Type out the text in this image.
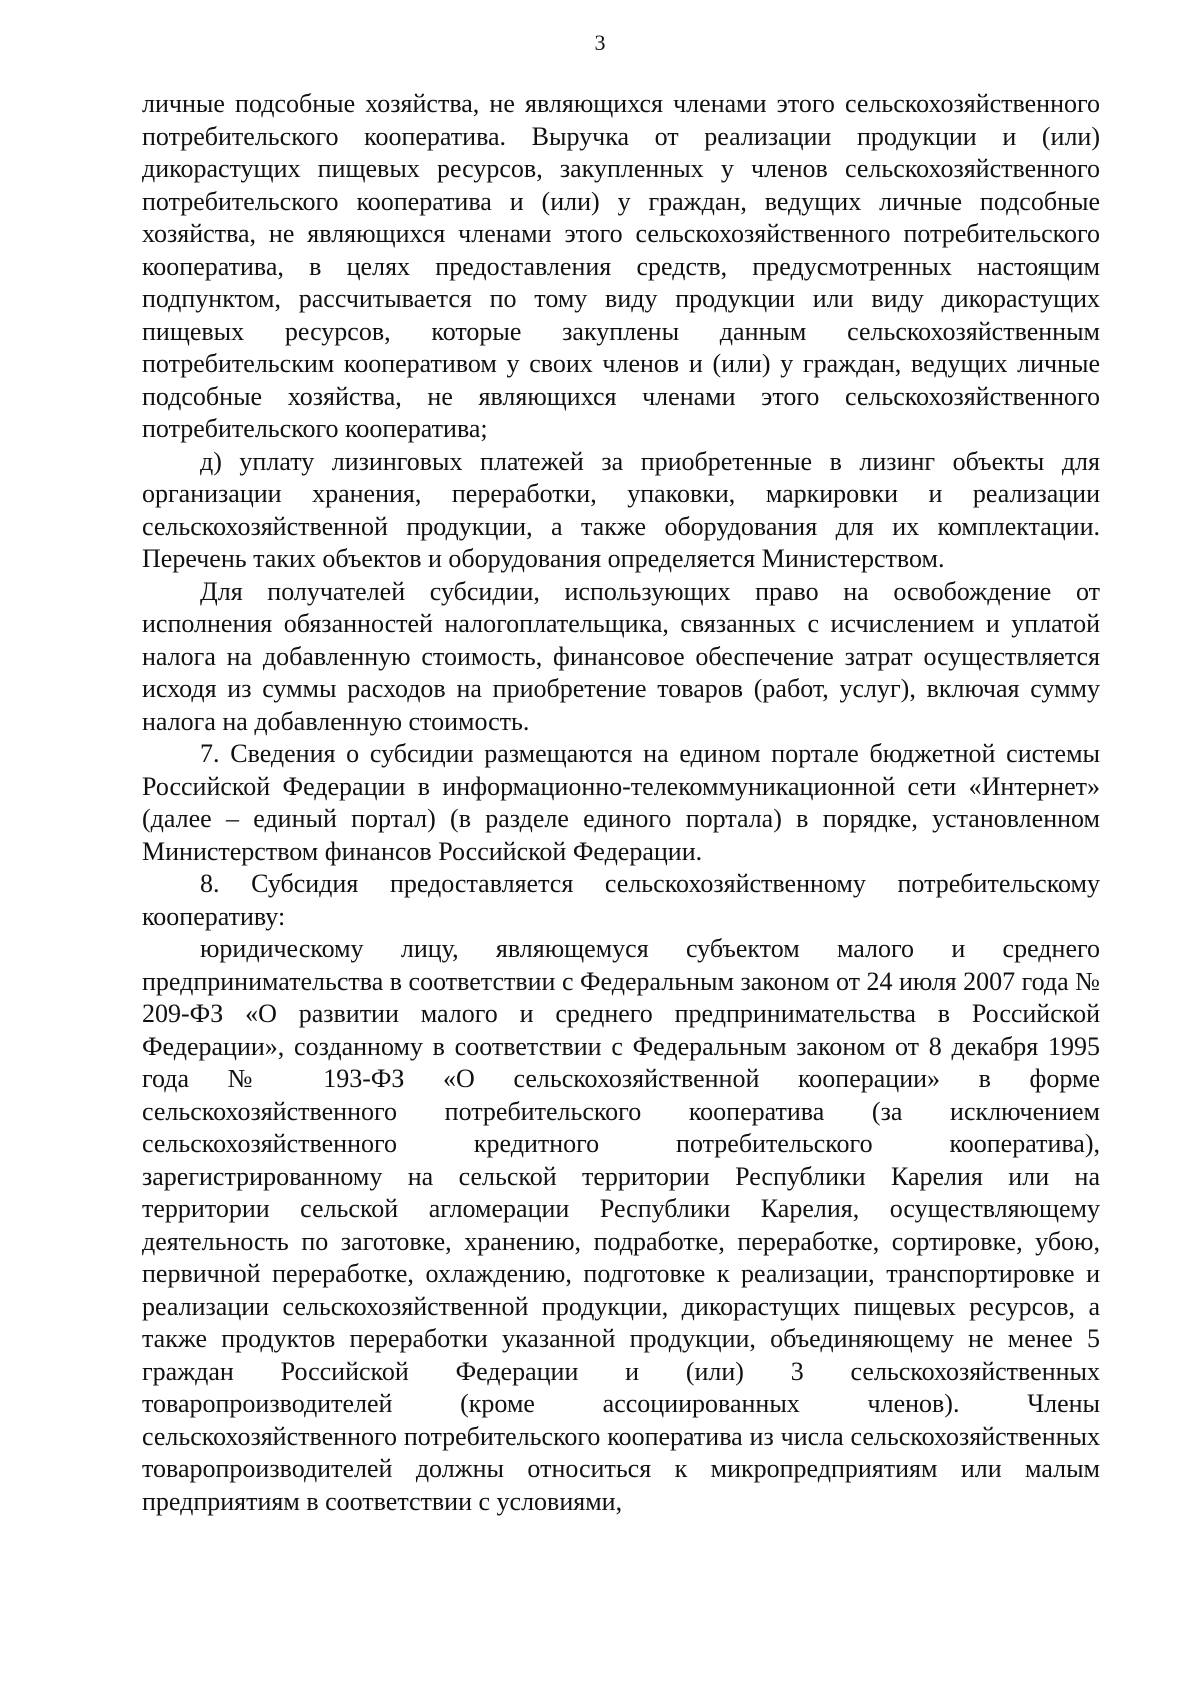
3

личные подсобные хозяйства, не являющихся членами этого сельскохозяйственного потребительского кооператива. Выручка от реализации продукции и (или) дикорастущих пищевых ресурсов, закупленных у членов сельскохозяйственного потребительского кооператива и (или) у граждан, ведущих личные подсобные хозяйства, не являющихся членами этого сельскохозяйственного потребительского кооператива, в целях предоставления средств, предусмотренных настоящим подпунктом, рассчитывается по тому виду продукции или виду дикорастущих пищевых ресурсов, которые закуплены данным сельскохозяйственным потребительским кооперативом у своих членов и (или) у граждан, ведущих личные подсобные хозяйства, не являющихся членами этого сельскохозяйственного потребительского кооператива;

д) уплату лизинговых платежей за приобретенные в лизинг объекты для организации хранения, переработки, упаковки, маркировки и реализации сельскохозяйственной продукции, а также оборудования для их комплектации. Перечень таких объектов и оборудования определяется Министерством.

Для получателей субсидии, использующих право на освобождение от исполнения обязанностей налогоплательщика, связанных с исчислением и уплатой налога на добавленную стоимость, финансовое обеспечение затрат осуществляется исходя из суммы расходов на приобретение товаров (работ, услуг), включая сумму налога на добавленную стоимость.

7. Сведения о субсидии размещаются на едином портале бюджетной системы Российской Федерации в информационно-телекоммуникационной сети «Интернет» (далее – единый портал) (в разделе единого портала) в порядке, установленном Министерством финансов Российской Федерации.

8. Субсидия предоставляется сельскохозяйственному потребительскому кооперативу:

юридическому лицу, являющемуся субъектом малого и среднего предпринимательства в соответствии с Федеральным законом от 24 июля 2007 года № 209-ФЗ «О развитии малого и среднего предпринимательства в Российской Федерации», созданному в соответствии с Федеральным законом от 8 декабря 1995 года № 193-ФЗ «О сельскохозяйственной кооперации» в форме сельскохозяйственного потребительского кооператива (за исключением сельскохозяйственного кредитного потребительского кооператива), зарегистрированному на сельской территории Республики Карелия или на территории сельской агломерации Республики Карелия, осуществляющему деятельность по заготовке, хранению, подработке, переработке, сортировке, убою, первичной переработке, охлаждению, подготовке к реализации, транспортировке и реализации сельскохозяйственной продукции, дикорастущих пищевых ресурсов, а также продуктов переработки указанной продукции, объединяющему не менее 5 граждан Российской Федерации и (или) 3 сельскохозяйственных товаропроизводителей (кроме ассоциированных членов). Члены сельскохозяйственного потребительского кооператива из числа сельскохозяйственных товаропроизводителей должны относиться к микропредприятиям или малым предприятиям в соответствии с условиями,
